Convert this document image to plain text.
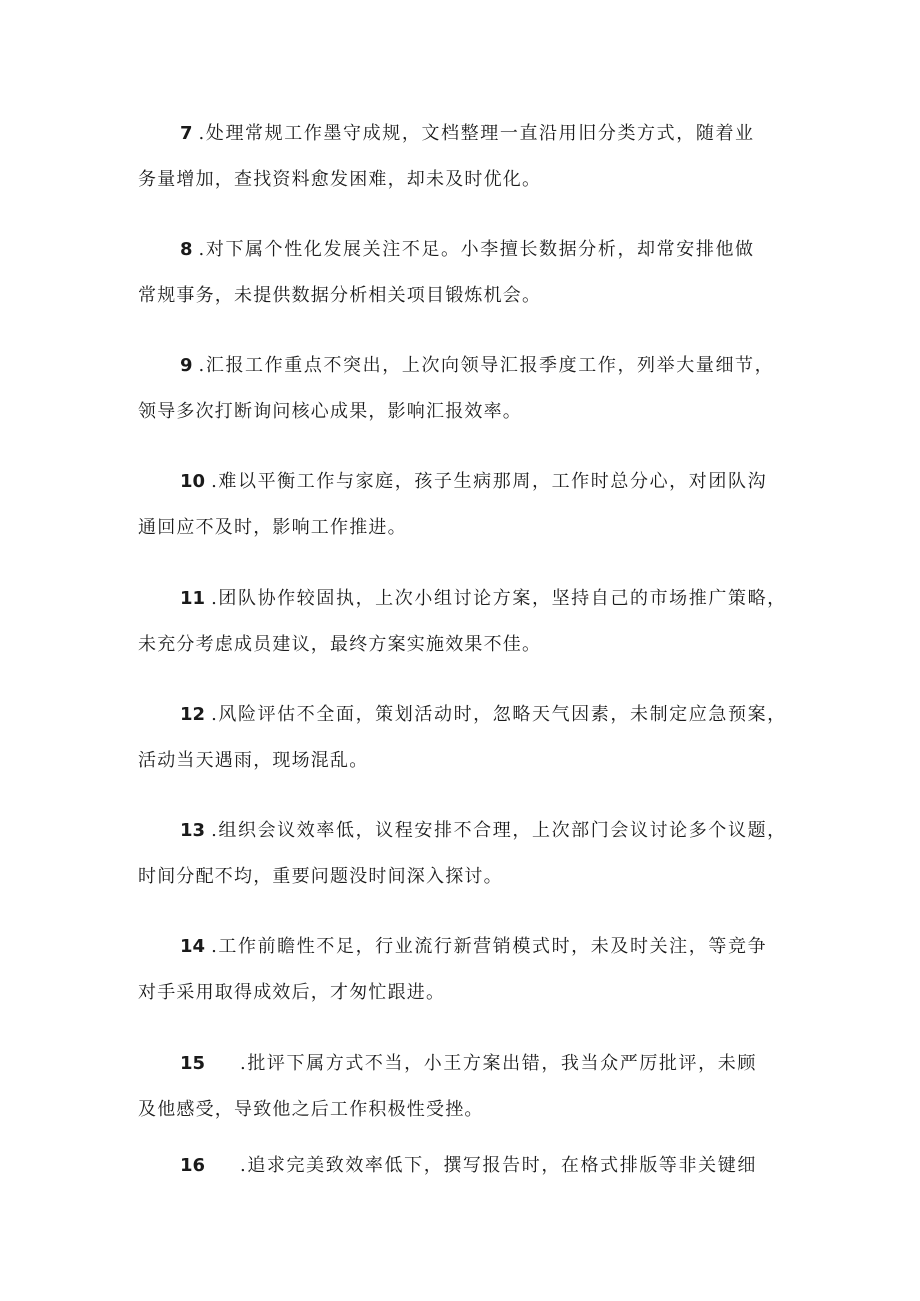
7 .处理常规工作墨守成规，文档整理一直沿用旧分类方式，随着业
务量增加，查找资料愈发困难，却未及时优化。
8 .对下属个性化发展关注不足。小李擅长数据分析，却常安排他做
常规事务，未提供数据分析相关项目锻炼机会。
9 .汇报工作重点不突出，上次向领导汇报季度工作，列举大量细节，
领导多次打断询问核心成果，影响汇报效率。
10 .难以平衡工作与家庭，孩子生病那周，工作时总分心，对团队沟
通回应不及时，影响工作推进。
11 .团队协作较固执，上次小组讨论方案，坚持自己的市场推广策略，
未充分考虑成员建议，最终方案实施效果不佳。
12 .风险评估不全面，策划活动时，忽略天气因素，未制定应急预案，
活动当天遇雨，现场混乱。
13 .组织会议效率低，议程安排不合理，上次部门会议讨论多个议题，
时间分配不均，重要问题没时间深入探讨。
14 .工作前瞻性不足，行业流行新营销模式时，未及时关注，等竞争
对手采用取得成效后，才匆忙跟进。
15 .批评下属方式不当，小王方案出错，我当众严厉批评，未顾
及他感受，导致他之后工作积极性受挫。
16 .追求完美致效率低下，撰写报告时，在格式排版等非关键细
